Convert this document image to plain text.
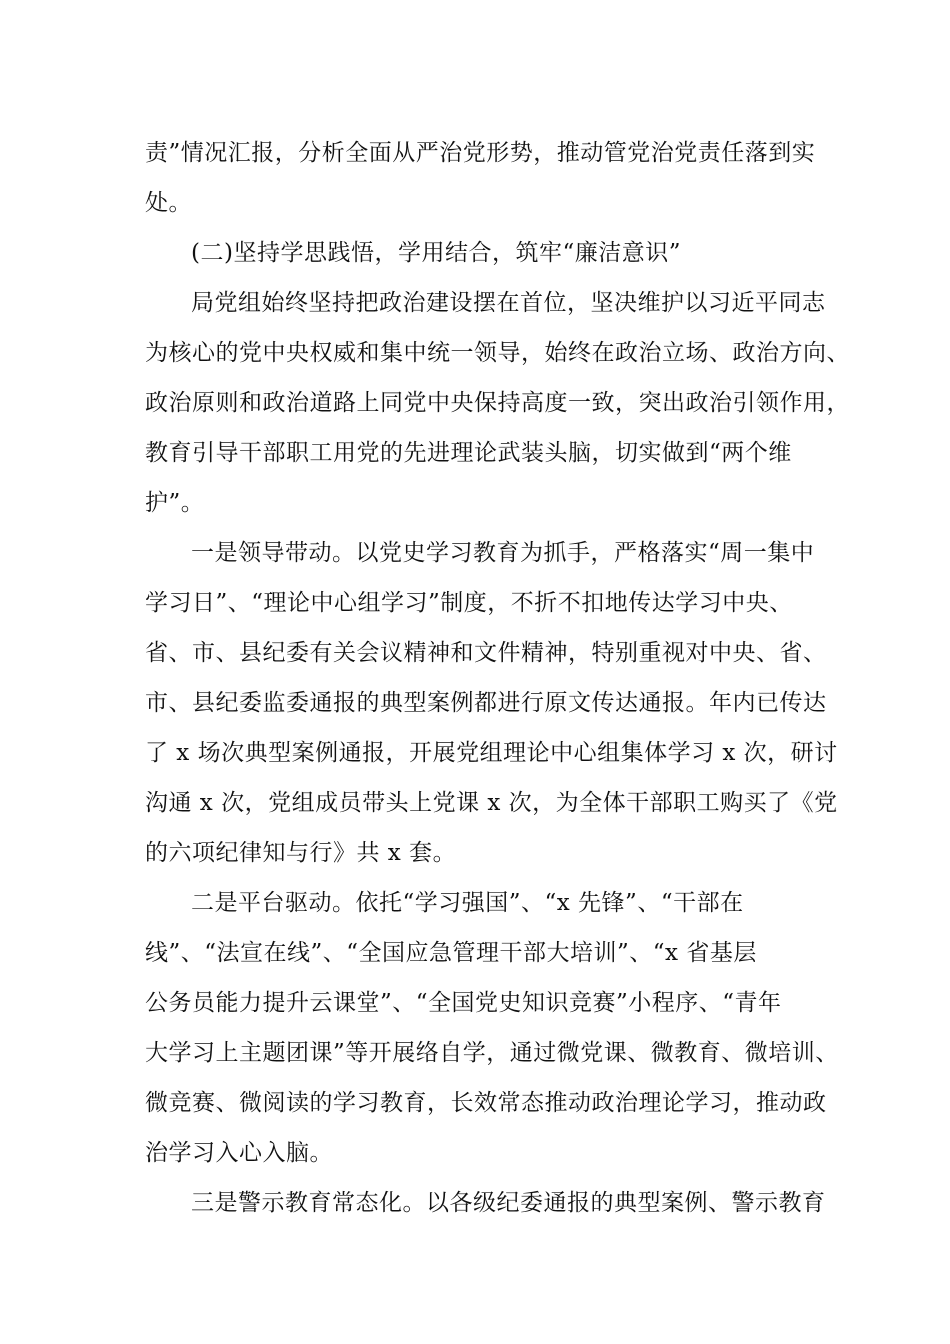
责”情况汇报，分析全面从严治党形势，推动管党治党责任落到实
处。
(二)坚持学思践悟，学用结合，筑牢“廉洁意识”
局党组始终坚持把政治建设摆在首位，坚决维护以习近平同志
为核心的党中央权威和集中统一领导，始终在政治立场、政治方向、
政治原则和政治道路上同党中央保持高度一致，突出政治引领作用，
教育引导干部职工用党的先进理论武装头脑，切实做到“两个维
护”。
一是领导带动。以党史学习教育为抓手，严格落实“周一集中
学习日”、“理论中心组学习”制度，不折不扣地传达学习中央、
省、市、县纪委有关会议精神和文件精神，特别重视对中央、省、
市、县纪委监委通报的典型案例都进行原文传达通报。年内已传达
了 x 场次典型案例通报，开展党组理论中心组集体学习 x 次，研讨
沟通 x 次，党组成员带头上党课 x 次，为全体干部职工购买了《党
的六项纪律知与行》共 x 套。
二是平台驱动。依托“学习强国”、“x 先锋”、“干部在
线”、“法宣在线”、“全国应急管理干部大培训”、“x 省基层
公务员能力提升云课堂”、“全国党史知识竞赛”小程序、“青年
大学习上主题团课”等开展络自学，通过微党课、微教育、微培训、
微竞赛、微阅读的学习教育，长效常态推动政治理论学习，推动政
治学习入心入脑。
三是警示教育常态化。以各级纪委通报的典型案例、警示教育
